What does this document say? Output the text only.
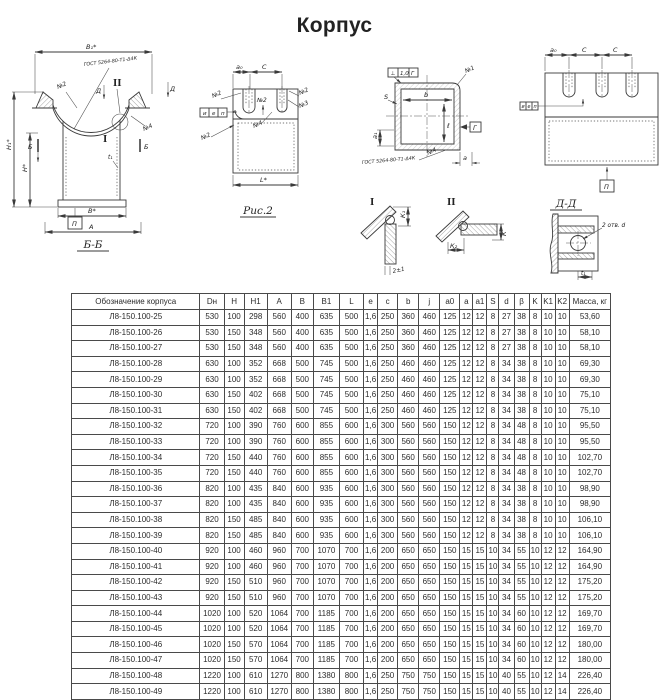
Корпус
В₁*
ГОСТ 5264-80-Т1-Δ4К
П
Н₁*
Н*
Б	Б
Д
II
I
№2
№4
t₁
В*
А
Б-Б
Д
а₀	С
и е п
№2
№2
№2
№3
№4
№2
L*
Рис.2
⊥ 1,0 Г	№1
S	b
ℓ	Г
а₁
а
ГОСТ 5264-80-Т1-Δ4К
№4
I
К₁
2±1
II
К₂
К
а₀	С	С
и е п
П
Д-Д
2 отв. d
t₁
Обозначение корпуса	Dн	H	H1	A	B	B1	L	e	c	b	j	a0	a	a1	S	d	β	K	K1	K2	Масса, кг
Л8-150.100-25	530	100	298	560	400	635	500	1,6	250	360	460	125	12	12	8	27	38	8	10	10	53,60
Л8-150.100-26	530	150	348	560	400	635	500	1,6	250	360	460	125	12	12	8	27	38	8	10	10	58,10
Л8-150.100-27	530	150	348	560	400	635	500	1,6	250	360	460	125	12	12	8	27	38	8	10	10	58,10
Л8-150.100-28	630	100	352	668	500	745	500	1,6	250	460	460	125	12	12	8	34	38	8	10	10	69,30
Л8-150.100-29	630	100	352	668	500	745	500	1,6	250	460	460	125	12	12	8	34	38	8	10	10	69,30
Л8-150.100-30	630	150	402	668	500	745	500	1,6	250	460	460	125	12	12	8	34	38	8	10	10	75,10
Л8-150.100-31	630	150	402	668	500	745	500	1,6	250	460	460	125	12	12	8	34	38	8	10	10	75,10
Л8-150.100-32	720	100	390	760	600	855	600	1,6	300	560	560	150	12	12	8	34	48	8	10	10	95,50
Л8-150.100-33	720	100	390	760	600	855	600	1,6	300	560	560	150	12	12	8	34	48	8	10	10	95,50
Л8-150.100-34	720	150	440	760	600	855	600	1,6	300	560	560	150	12	12	8	34	48	8	10	10	102,70
Л8-150.100-35	720	150	440	760	600	855	600	1,6	300	560	560	150	12	12	8	34	48	8	10	10	102,70
Л8-150.100-36	820	100	435	840	600	935	600	1,6	300	560	560	150	12	12	8	34	38	8	10	10	98,90
Л8-150.100-37	820	100	435	840	600	935	600	1,6	300	560	560	150	12	12	8	34	38	8	10	10	98,90
Л8-150.100-38	820	150	485	840	600	935	600	1,6	300	560	560	150	12	12	8	34	38	8	10	10	106,10
Л8-150.100-39	820	150	485	840	600	935	600	1,6	300	560	560	150	12	12	8	34	38	8	10	10	106,10
Л8-150.100-40	920	100	460	960	700	1070	700	1,6	200	650	650	150	15	15	10	34	55	10	12	12	164,90
Л8-150.100-41	920	100	460	960	700	1070	700	1,6	200	650	650	150	15	15	10	34	55	10	12	12	164,90
Л8-150.100-42	920	150	510	960	700	1070	700	1,6	200	650	650	150	15	15	10	34	55	10	12	12	175,20
Л8-150.100-43	920	150	510	960	700	1070	700	1,6	200	650	650	150	15	15	10	34	55	10	12	12	175,20
Л8-150.100-44	1020	100	520	1064	700	1185	700	1,6	200	650	650	150	15	15	10	34	60	10	12	12	169,70
Л8-150.100-45	1020	100	520	1064	700	1185	700	1,6	200	650	650	150	15	15	10	34	60	10	12	12	169,70
Л8-150.100-46	1020	150	570	1064	700	1185	700	1,6	200	650	650	150	15	15	10	34	60	10	12	12	180,00
Л8-150.100-47	1020	150	570	1064	700	1185	700	1,6	200	650	650	150	15	15	10	34	60	10	12	12	180,00
Л8-150.100-48	1220	100	610	1270	800	1380	800	1,6	250	750	750	150	15	15	10	40	55	10	12	14	226,40
Л8-150.100-49	1220	100	610	1270	800	1380	800	1,6	250	750	750	150	15	15	10	40	55	10	12	14	226,40
